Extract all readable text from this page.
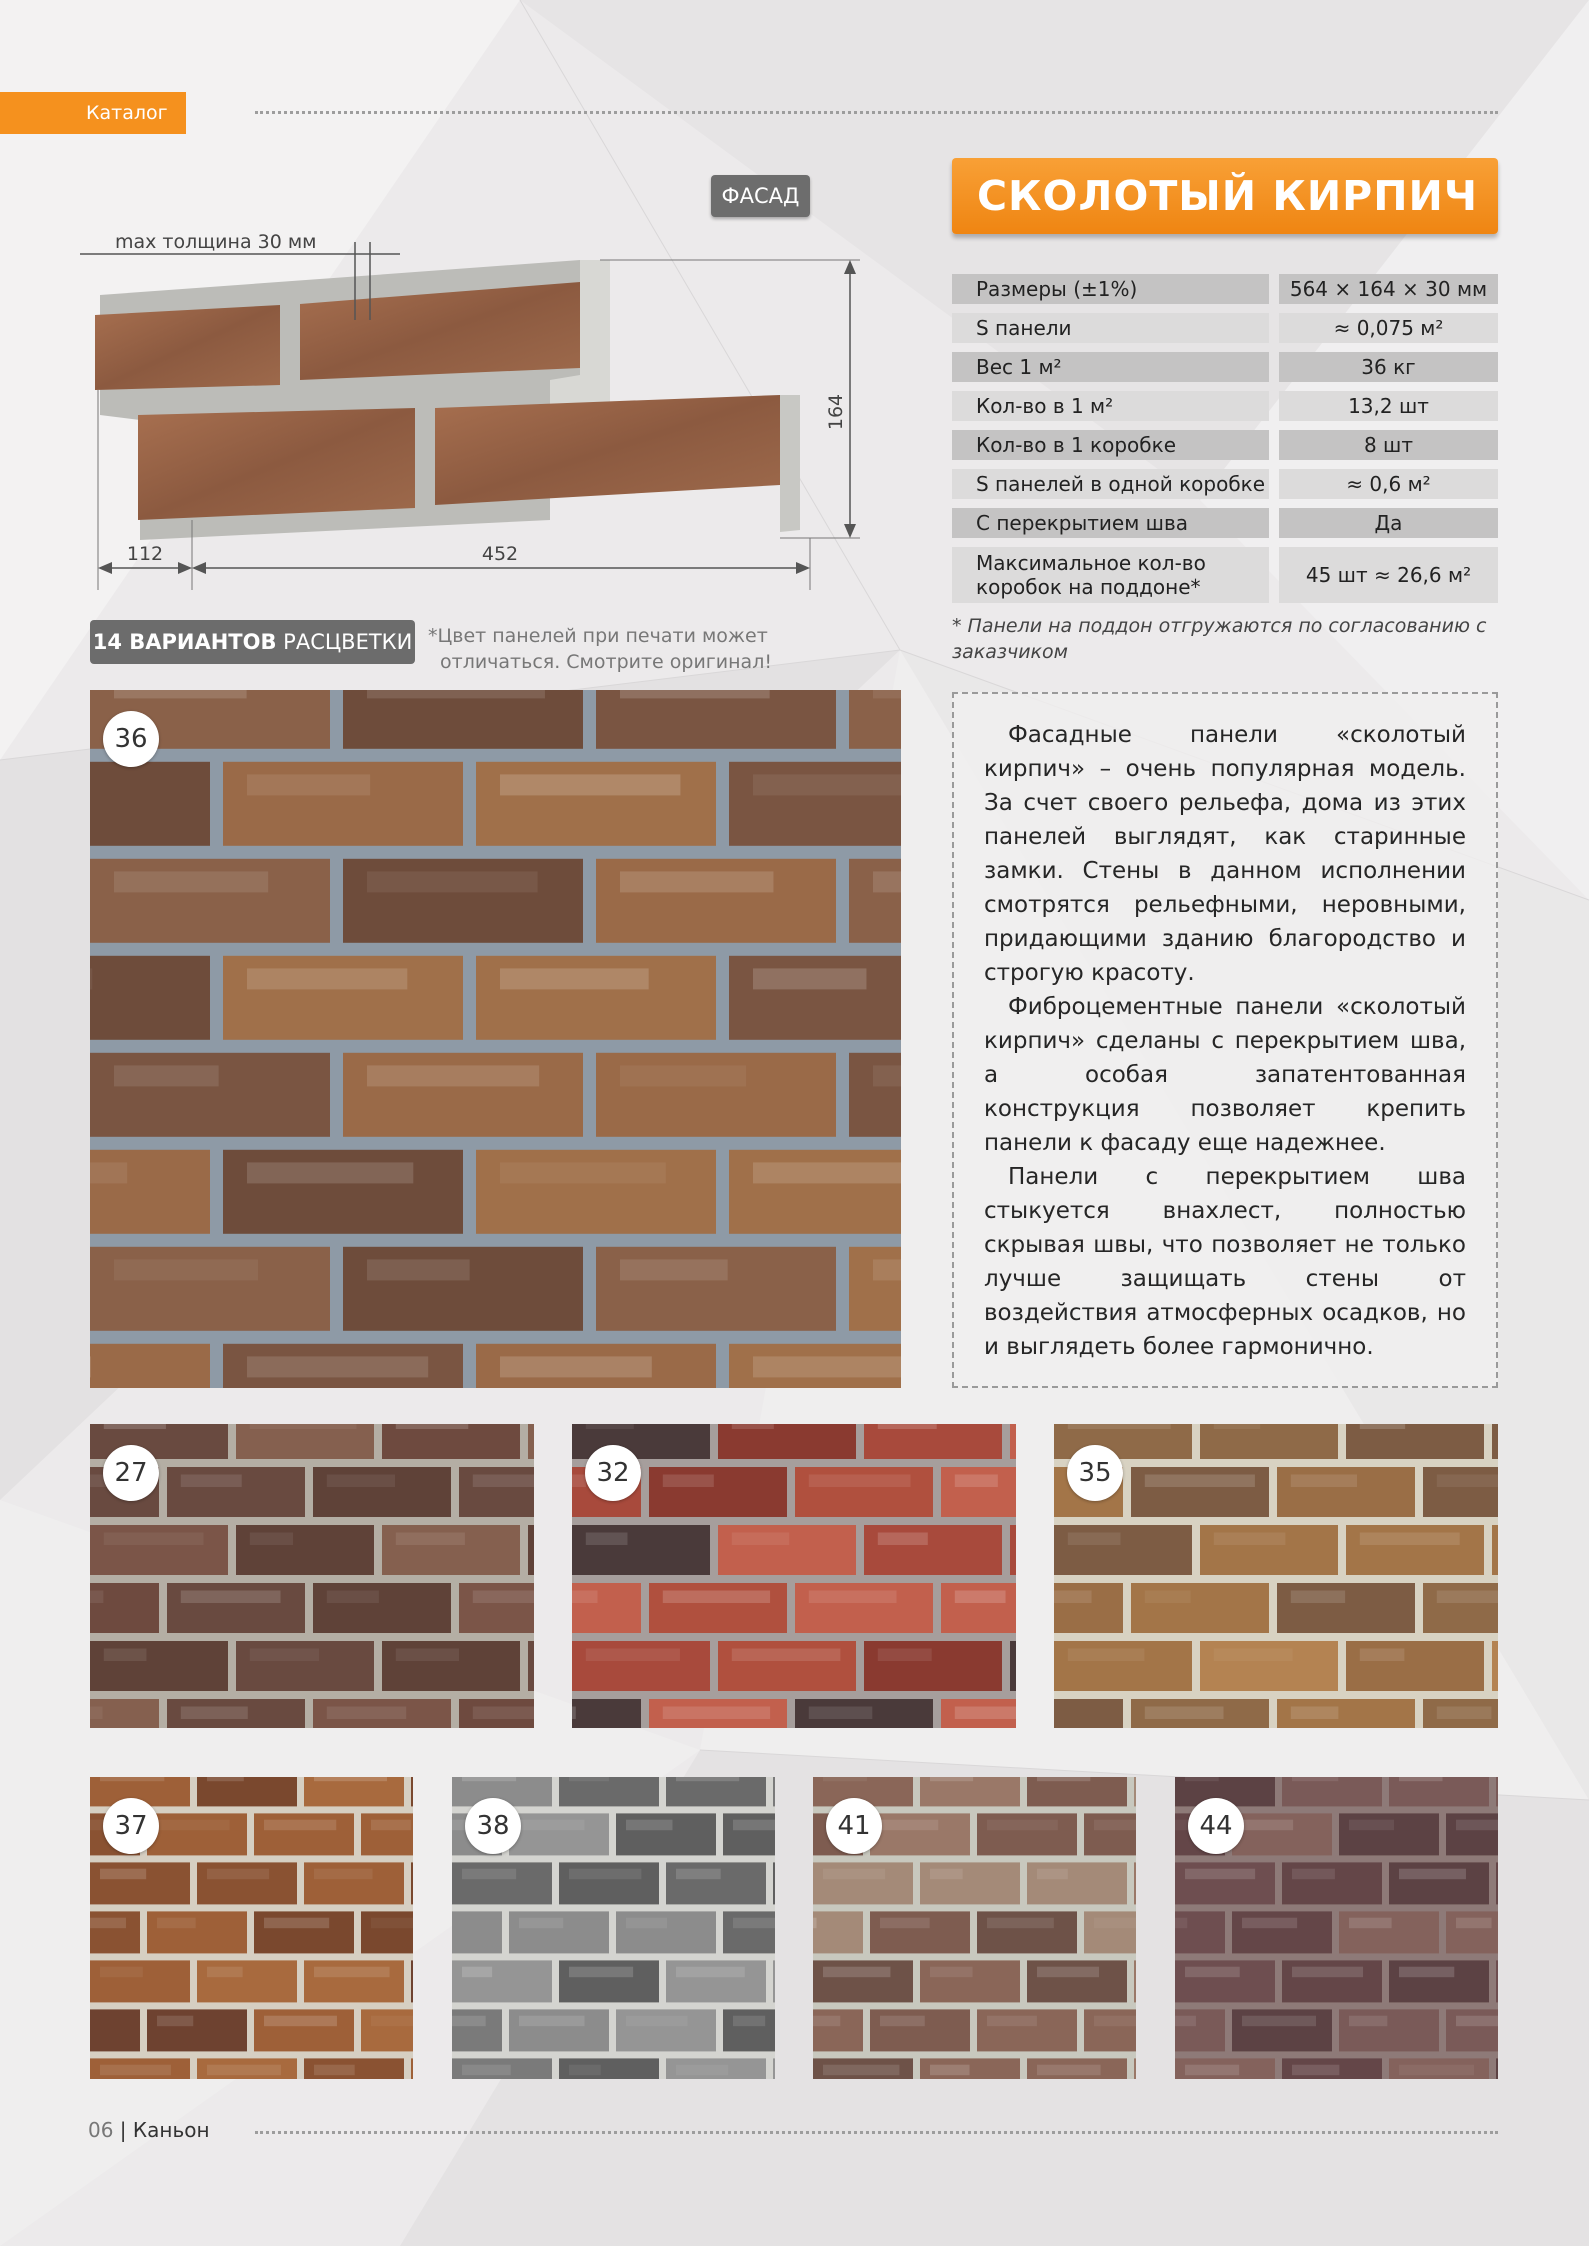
Каталог
ФАСАД	СКОЛОТЫЙ КИРПИЧ
max толщина 30 мм
164
112	452
Размеры (±1%)	564 × 164 × 30 мм
S панели	≈ 0,075 м²
Вес 1 м²	36 кг
Кол-во в 1 м²	13,2 шт
Кол-во в 1 коробке	8 шт
S панелей в одной коробке	≈ 0,6 м²
С перекрытием шва	Да
Максимальное кол-во коробок на поддоне*	45 шт ≈ 26,6 м²
* Панели на поддон отгружаются по согласованию с заказчиком
14 ВАРИАНТОВ РАСЦВЕТКИ *Цвет панелей при печати может
отличаться. Смотрите оригинал!

Фасадные панели «сколотый кирпич» – очень популярная модель. За счет своего рельефа, дома из этих панелей выглядят, как старинные замки. Стены в данном исполнении смотрятся рельефными, неровными, придающими зданию благородство и строгую красоту.

Фиброцементные панели «сколотый кирпич» сделаны с перекрытием шва, а особая запатентованная конструкция позволяет крепить панели к фасаду еще надежнее.

Панели с перекрытием шва стыкуется внахлест, полностью скрывая швы, что позволяет не только лучше защищать стены от воздействия атмосферных осадков, но и выглядеть более гармонично.

36
27	32	35
37	38	41	44
06 | Каньон
